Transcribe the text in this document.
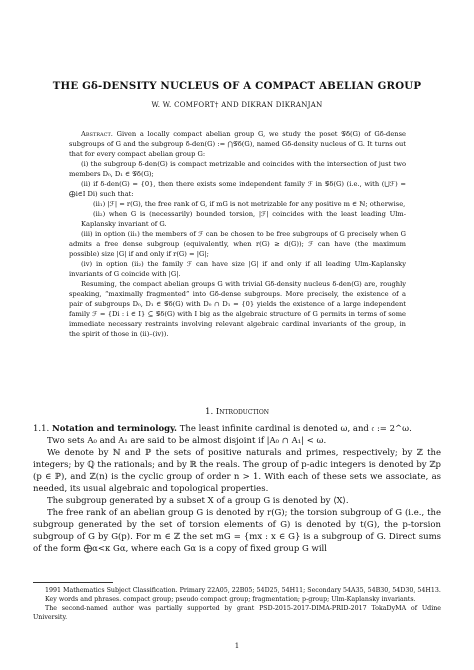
THE Gδ-DENSITY NUCLEUS OF A COMPACT ABELIAN GROUP
W. W. COMFORT† AND DIKRAN DIKRANJAN

Abstract. Given a locally compact abelian group G, we study the poset 𝒢δ(G) of Gδ-dense subgroups of G and the subgroup δ-den(G) := ⋂𝒢δ(G), named Gδ-density nucleus of G. It turns out that for every compact abelian group G:

(i) the subgroup δ-den(G) is compact metrizable and coincides with the intersection of just two members D₀, D₁ ∈ 𝒢δ(G);

(ii) if δ-den(G) = {0}, then there exists some independent family ℱ in 𝒢δ(G) (i.e., with (⋃ℱ) = ⨁i∈I Di) such that:

(ii₁) |ℱ| = r(G), the free rank of G, if mG is not metrizable for any positive m ∈ ℕ; otherwise,

(ii₂) when G is (necessarily) bounded torsion, |ℱ| coincides with the least leading Ulm-Kaplansky invariant of G.

(iii) in option (ii₁) the members of ℱ can be chosen to be free subgroups of G precisely when G admits a free dense subgroup (equivalently, when r(G) ≥ d(G)); ℱ can have (the maximum possible) size |G| if and only if r(G) = |G|;

(iv) in option (ii₂) the family ℱ can have size |G| if and only if all leading Ulm-Kaplansky invariants of G coincide with |G|.

Resuming, the compact abelian groups G with trivial Gδ-density nucleus δ-den(G) are, roughly speaking, “maximally fragmented” into Gδ-dense subgroups. More precisely, the existence of a pair of subgroups D₀, D₁ ∈ 𝒢δ(G) with D₀ ∩ D₁ = {0} yields the existence of a large independent family ℱ = {Di : i ∈ I} ⊆ 𝒢δ(G) with I big as the algebraic structure of G permits in terms of some immediate necessary restraints involving relevant algebraic cardinal invariants of the group, in the spirit of those in (ii)–(iv)).

1. Introduction

1.1. Notation and terminology. The least infinite cardinal is denoted ω, and 𝔠 := 2^ω.

Two sets A₀ and A₁ are said to be almost disjoint if |A₀ ∩ A₁| < ω.

We denote by ℕ and ℙ the sets of positive naturals and primes, respectively; by ℤ the integers; by ℚ the rationals; and by ℝ the reals. The group of p-adic integers is denoted by ℤp (p ∈ ℙ), and ℤ(n) is the cyclic group of order n > 1. With each of these sets we associate, as needed, its usual algebraic and topological properties.

The subgroup generated by a subset X of a group G is denoted by ⟨X⟩.

The free rank of an abelian group G is denoted by r(G); the torsion subgroup of G (i.e., the subgroup generated by the set of torsion elements of G) is denoted by t(G), the p-torsion subgroup of G by G(p). For m ∈ ℤ the set mG = {mx : x ∈ G} is a subgroup of G. Direct sums of the form ⨁α<κ Gα, where each Gα is a copy of fixed group G will

1991 Mathematics Subject Classification. Primary 22A05, 22B05; 54D25, 54H11; Secondary 54A35, 54B30, 54D30, 54H13.

Key words and phrases. compact group; pseudo compact group; fragmentation; p-group; Ulm-Kaplansky invariants.

The second-named author was partially supported by grant PSD-2015-2017-DIMA-PRID-2017 TokaDyMA of Udine University.

1
